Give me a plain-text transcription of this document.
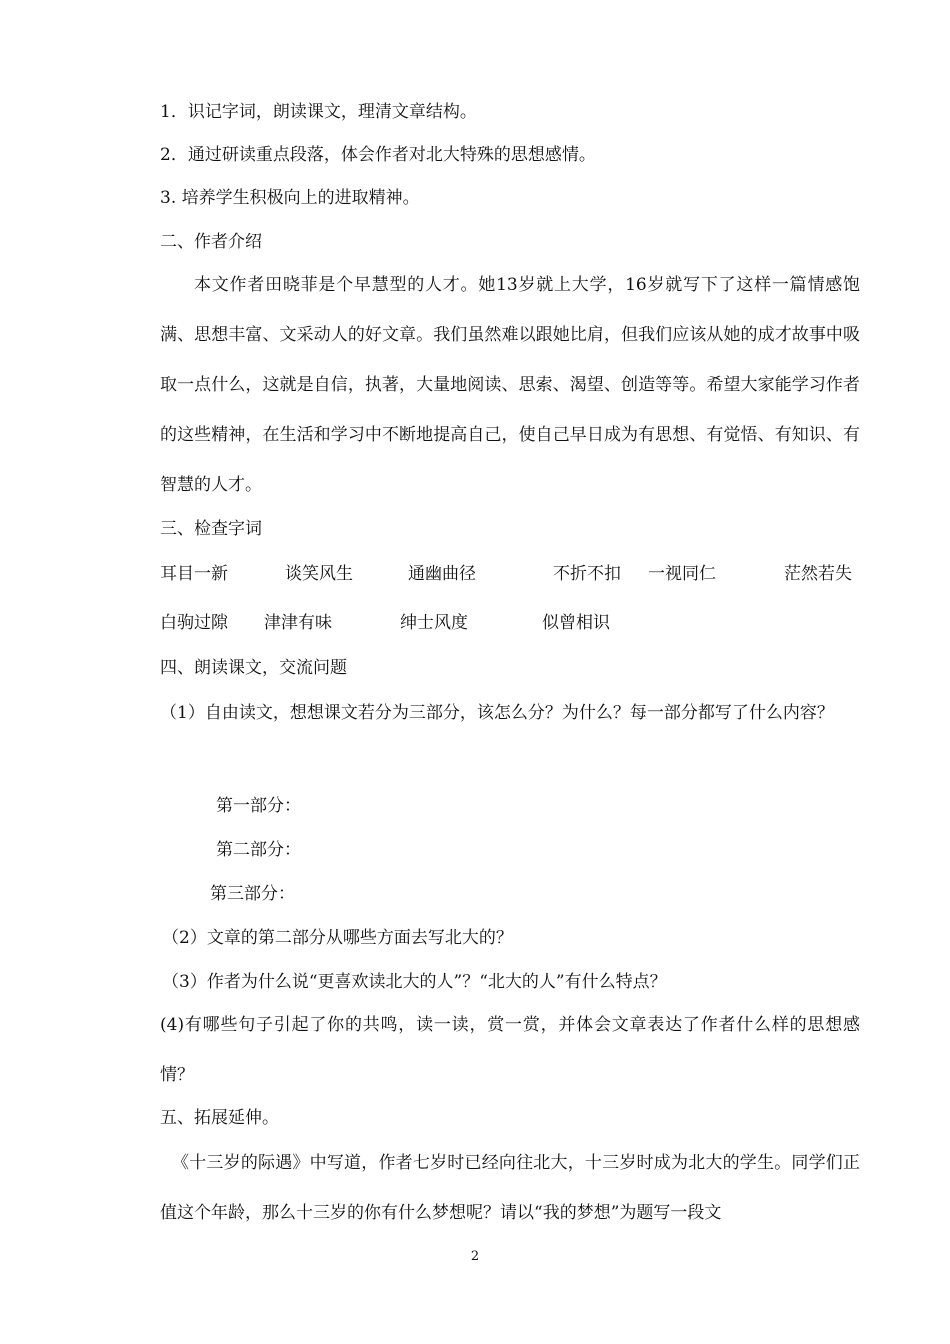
1．识记字词，朗读课文，理清文章结构。
2．通过研读重点段落，体会作者对北大特殊的思想感情。
3. 培养学生积极向上的进取精神。
二、作者介绍
本文作者田晓菲是个早慧型的人才。她13岁就上大学，16岁就写下了这样一篇情感饱满、思想丰富、文采动人的好文章。我们虽然难以跟她比肩，但我们应该从她的成才故事中吸取一点什么，这就是自信，执著，大量地阅读、思索、渴望、创造等等。希望大家能学习作者的这些精神，在生活和学习中不断地提高自己，使自己早日成为有思想、有觉悟、有知识、有智慧的人才。
三、检查字词
耳目一新	谈笑风生	通幽曲径	不折不扣 一视同仁	茫然若失
白驹过隙 津津有味	绅士风度	似曾相识
四、朗读课文，交流问题
（1）自由读文，想想课文若分为三部分，该怎么分？为什么？每一部分都写了什么内容？
第一部分：
第二部分：
第三部分：
（2）文章的第二部分从哪些方面去写北大的？
（3）作者为什么说“更喜欢读北大的人”？“北大的人”有什么特点？
(4)有哪些句子引起了你的共鸣，读一读，赏一赏，并体会文章表达了作者什么样的思想感情？
五、拓展延伸。
《十三岁的际遇》中写道，作者七岁时已经向往北大，十三岁时成为北大的学生。同学们正值这个年龄，那么十三岁的你有什么梦想呢？请以“我的梦想”为题写一段文
2
